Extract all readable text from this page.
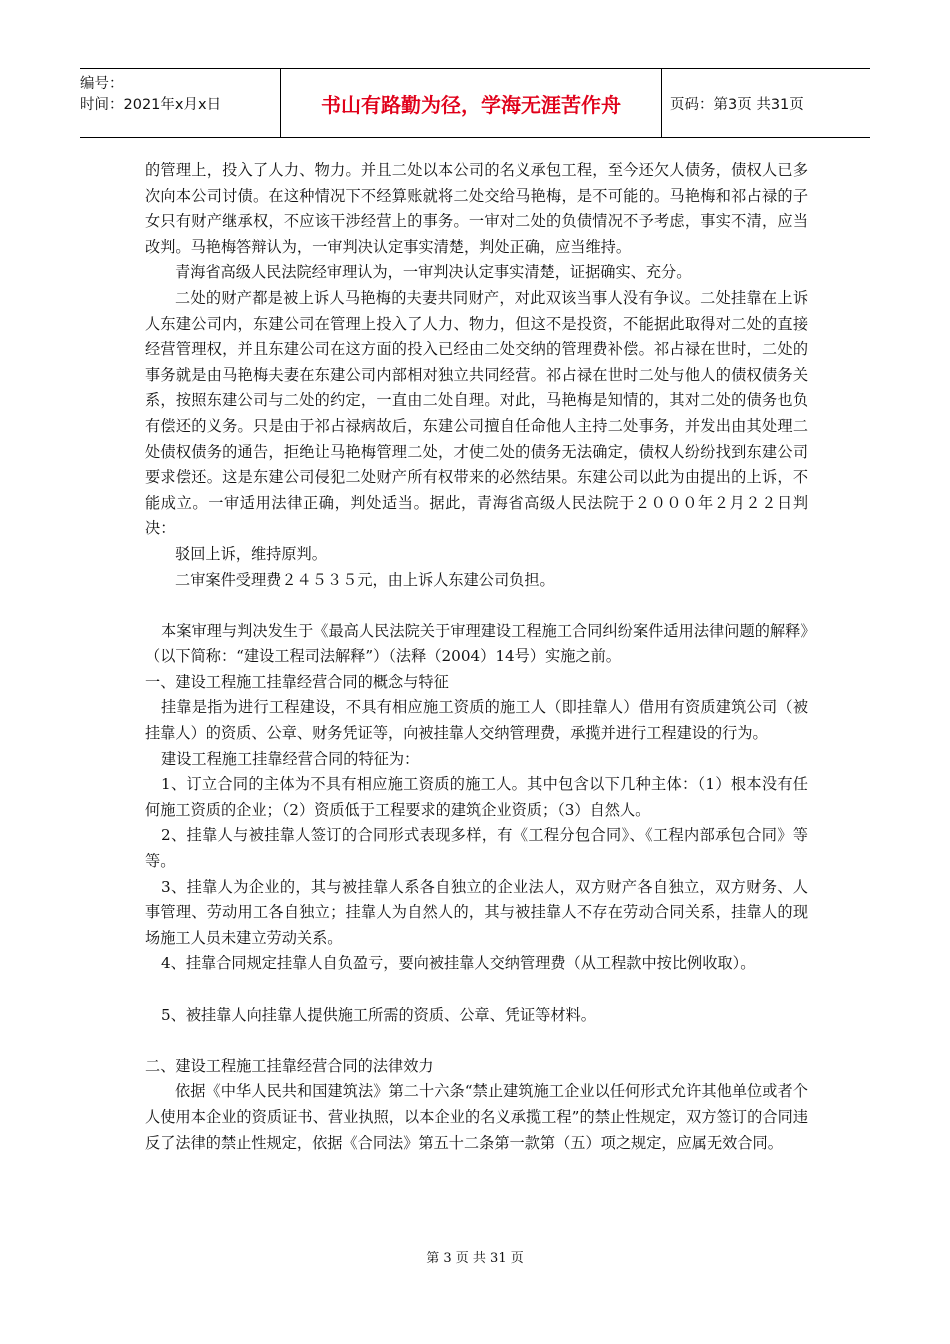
编号：
时间：2021年x月x日	书山有路勤为径，学海无涯苦作舟	页码：第3页 共31页

的管理上，投入了人力、物力。并且二处以本公司的名义承包工程，至今还欠人债务，债权人已多次向本公司讨债。在这种情况下不经算账就将二处交给马艳梅，是不可能的。马艳梅和祁占禄的子女只有财产继承权，不应该干涉经营上的事务。一审对二处的负债情况不予考虑，事实不清，应当改判。马艳梅答辩认为，一审判决认定事实清楚，判处正确，应当维持。

青海省高级人民法院经审理认为，一审判决认定事实清楚，证据确实、充分。

二处的财产都是被上诉人马艳梅的夫妻共同财产，对此双该当事人没有争议。二处挂靠在上诉人东建公司内，东建公司在管理上投入了人力、物力，但这不是投资，不能据此取得对二处的直接经营管理权，并且东建公司在这方面的投入已经由二处交纳的管理费补偿。祁占禄在世时，二处的事务就是由马艳梅夫妻在东建公司内部相对独立共同经营。祁占禄在世时二处与他人的债权债务关系，按照东建公司与二处的约定，一直由二处自理。对此，马艳梅是知情的，其对二处的债务也负有偿还的义务。只是由于祁占禄病故后，东建公司擅自任命他人主持二处事务，并发出由其处理二处债权债务的通告，拒绝让马艳梅管理二处，才使二处的债务无法确定，债权人纷纷找到东建公司要求偿还。这是东建公司侵犯二处财产所有权带来的必然结果。东建公司以此为由提出的上诉，不能成立。一审适用法律正确，判处适当。据此，青海省高级人民法院于２０００年２月２２日判决：

驳回上诉，维持原判。

二审案件受理费２４５３５元，由上诉人东建公司负担。

本案审理与判决发生于《最高人民法院关于审理建设工程施工合同纠纷案件适用法律问题的解释》（以下简称：“建设工程司法解释”）（法释（2004）14号）实施之前。

一、建设工程施工挂靠经营合同的概念与特征

挂靠是指为进行工程建设，不具有相应施工资质的施工人（即挂靠人）借用有资质建筑公司（被挂靠人）的资质、公章、财务凭证等，向被挂靠人交纳管理费，承揽并进行工程建设的行为。

建设工程施工挂靠经营合同的特征为：

1、订立合同的主体为不具有相应施工资质的施工人。其中包含以下几种主体：（1）根本没有任何施工资质的企业；（2）资质低于工程要求的建筑企业资质；（3）自然人。

2、挂靠人与被挂靠人签订的合同形式表现多样，有《工程分包合同》、《工程内部承包合同》等等。

3、挂靠人为企业的，其与被挂靠人系各自独立的企业法人，双方财产各自独立，双方财务、人事管理、劳动用工各自独立；挂靠人为自然人的，其与被挂靠人不存在劳动合同关系，挂靠人的现场施工人员未建立劳动关系。

4、挂靠合同规定挂靠人自负盈亏，要向被挂靠人交纳管理费（从工程款中按比例收取）。

5、被挂靠人向挂靠人提供施工所需的资质、公章、凭证等材料。

二、建设工程施工挂靠经营合同的法律效力

依据《中华人民共和国建筑法》第二十六条“禁止建筑施工企业以任何形式允许其他单位或者个人使用本企业的资质证书、营业执照，以本企业的名义承揽工程”的禁止性规定，双方签订的合同违反了法律的禁止性规定，依据《合同法》第五十二条第一款第（五）项之规定，应属无效合同。

第 3 页 共 31 页
